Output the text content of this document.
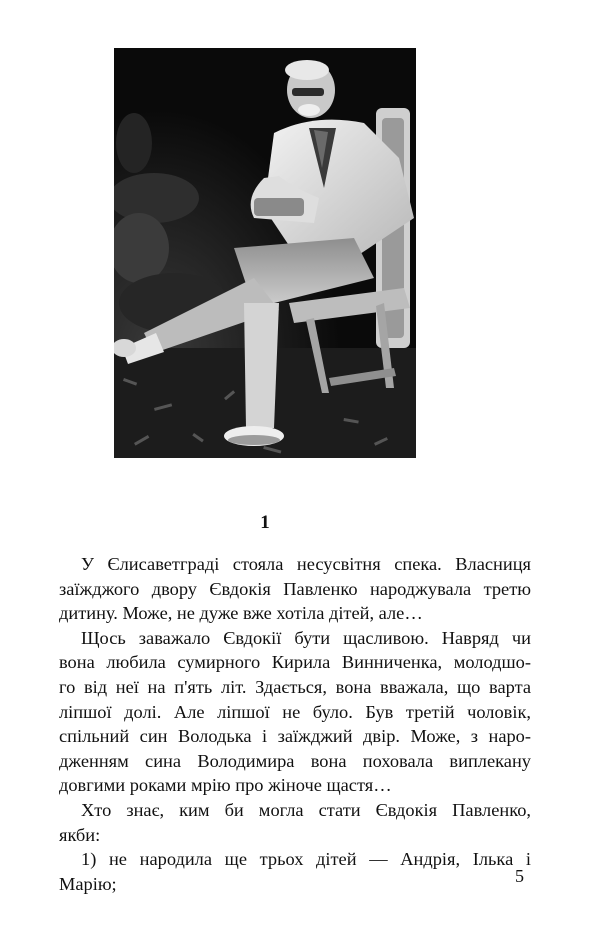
1
У Єлисаветграді стояла несусвітня спека. Власниця
заїжджого двору Євдокія Павленко народжувала третю
дитину. Може, не дуже вже хотіла дітей, але…
Щось заважало Євдокії бути щасливою. Навряд чи
вона любила сумирного Кирила Винниченка, молодшо-
го від неї на п'ять літ. Здається, вона вважала, що варта
ліпшої долі. Але ліпшої не було. Був третій чоловік,
спільний син Володька і заїжджий двір. Може, з наро-
дженням сина Володимира вона поховала виплекану
довгими роками мрію про жіноче щастя…
Хто знає, ким би могла стати Євдокія Павленко,
якби:
1) не народила ще трьох дітей — Андрія, Ілька і
Марію;	5
